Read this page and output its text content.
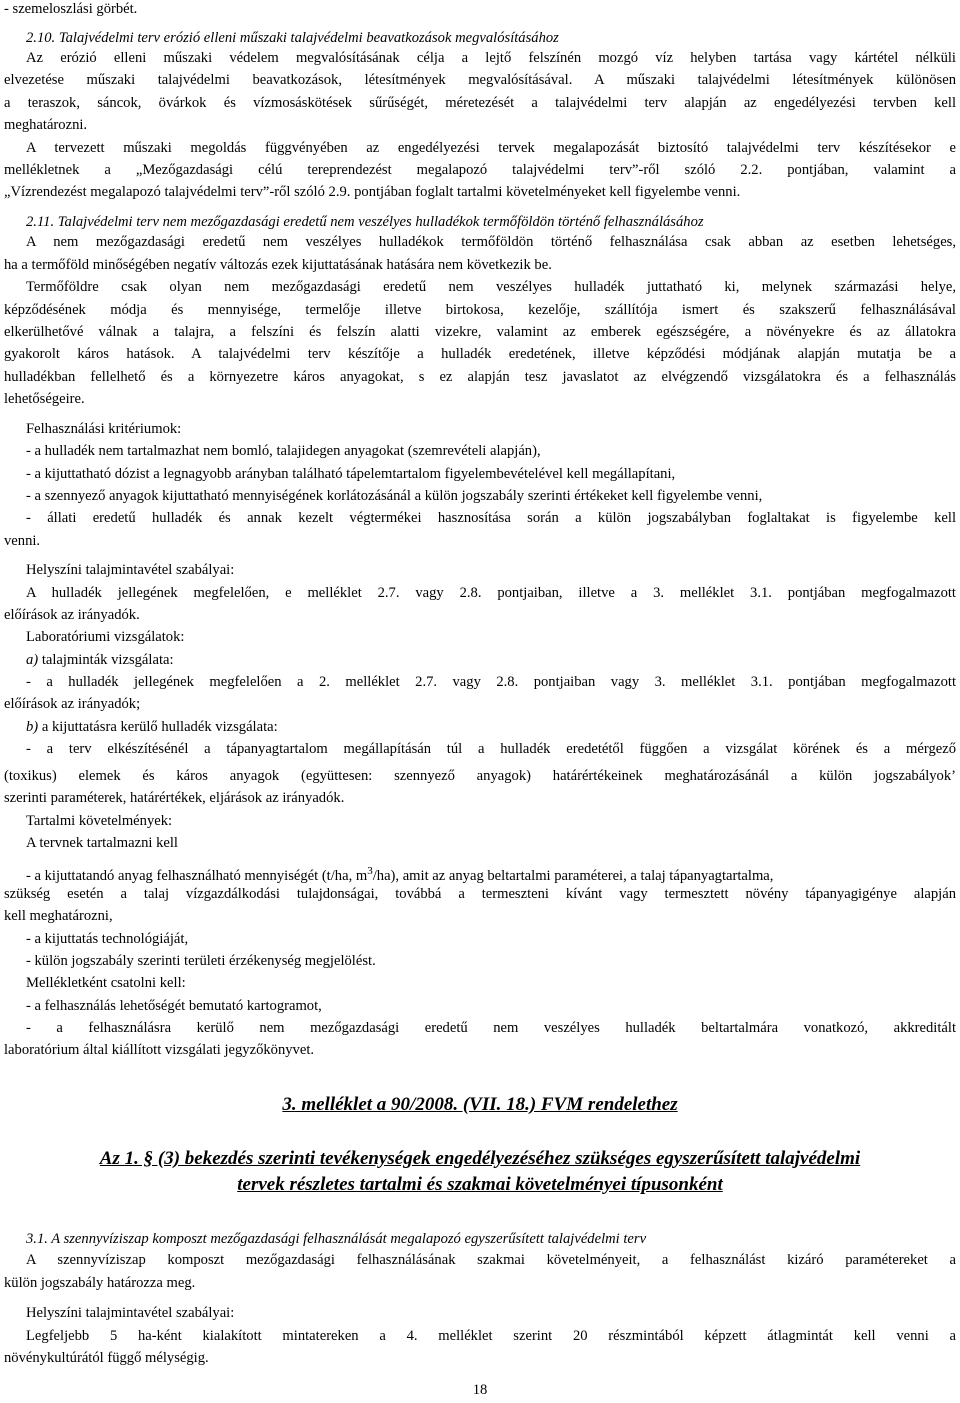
- szemeloszlási görbét.
2.10. Talajvédelmi terv erózió elleni műszaki talajvédelmi beavatkozások megvalósításához
Az erózió elleni műszaki védelem megvalósításának célja a lejtő felszínén mozgó víz helyben tartása vagy kártétel nélküli
elvezetése műszaki talajvédelmi beavatkozások, létesítmények megvalósításával. A műszaki talajvédelmi létesítmények különösen
a teraszok, sáncok, övárkok és vízmosáskötések sűrűségét, méretezését a talajvédelmi terv alapján az engedélyezési tervben kell
meghatározni.
A tervezett műszaki megoldás függvényében az engedélyezési tervek megalapozását biztosító talajvédelmi terv készítésekor e
mellékletnek a „Mezőgazdasági célú tereprendezést megalapozó talajvédelmi terv”-ről szóló 2.2. pontjában, valamint a
„Vízrendezést megalapozó talajvédelmi terv”-ről szóló 2.9. pontjában foglalt tartalmi követelményeket kell figyelembe venni.
2.11. Talajvédelmi terv nem mezőgazdasági eredetű nem veszélyes hulladékok termőföldön történő felhasználásához
A nem mezőgazdasági eredetű nem veszélyes hulladékok termőföldön történő felhasználása csak abban az esetben lehetséges,
ha a termőföld minőségében negatív változás ezek kijuttatásának hatására nem következik be.
Termőföldre csak olyan nem mezőgazdasági eredetű nem veszélyes hulladék juttatható ki, melynek származási helye,
képződésének módja és mennyisége, termelője illetve birtokosa, kezelője, szállítója ismert és szakszerű felhasználásával
elkerülhetővé válnak a talajra, a felszíni és felszín alatti vizekre, valamint az emberek egészségére, a növényekre és az állatokra
gyakorolt káros hatások. A talajvédelmi terv készítője a hulladék eredetének, illetve képződési módjának alapján mutatja be a
hulladékban fellelhető és a környezetre káros anyagokat, s ez alapján tesz javaslatot az elvégzendő vizsgálatokra és a felhasználás
lehetőségeire.
Felhasználási kritériumok:
- a hulladék nem tartalmazhat nem bomló, talajidegen anyagokat (szemrevételi alapján),
- a kijuttatható dózist a legnagyobb arányban található tápelemtartalom figyelembevételével kell megállapítani,
- a szennyező anyagok kijuttatható mennyiségének korlátozásánál a külön jogszabály szerinti értékeket kell figyelembe venni,
- állati eredetű hulladék és annak kezelt végtermékei hasznosítása során a külön jogszabályban foglaltakat is figyelembe kell
venni.
Helyszíni talajmintavétel szabályai:
A hulladék jellegének megfelelően, e melléklet 2.7. vagy 2.8. pontjaiban, illetve a 3. melléklet 3.1. pontjában megfogalmazott
előírások az irányadók.
Laboratóriumi vizsgálatok:
a) talajminták vizsgálata:
- a hulladék jellegének megfelelően a 2. melléklet 2.7. vagy 2.8. pontjaiban vagy 3. melléklet 3.1. pontjában megfogalmazott
előírások az irányadók;
b) a kijuttatásra kerülő hulladék vizsgálata:
- a terv elkészítésénél a tápanyagtartalom megállapításán túl a hulladék eredetétől függően a vizsgálat körének és a mérgező
(toxikus) elemek és káros anyagok (együttesen: szennyező anyagok) határértékeinek meghatározásánál a külön jogszabályok’
szerinti paraméterek, határértékek, eljárások az irányadók.
Tartalmi követelmények:
A tervnek tartalmazni kell
- a kijuttatandó anyag felhasználható mennyiségét (t/ha, $m^3/ha$), amit az anyag beltartalmi paraméterei, a talaj tápanyagtartalma,
szükség esetén a talaj vízgazdálkodási tulajdonságai, továbbá a termeszteni kívánt vagy termesztett növény tápanyagigénye alapján
kell meghatározni,
- a kijuttatás technológiáját,
- külön jogszabály szerinti területi érzékenység megjelölést.
Mellékletként csatolni kell:
- a felhasználás lehetőségét bemutató kartogramot,
- a felhasználásra kerülő nem mezőgazdasági eredetű nem veszélyes hulladék beltartalmára vonatkozó, akkreditált
laboratórium által kiállított vizsgálati jegyzőkönyvet.
3. melléklet a 90/2008. (VII. 18.) FVM rendelethez
Az 1. § (3) bekezdés szerinti tevékenységek engedélyezéséhez szükséges egyszerűsített talajvédelmi
tervek részletes tartalmi és szakmai követelményei típusonként
3.1. A szennyvíziszap komposzt mezőgazdasági felhasználását megalapozó egyszerűsített talajvédelmi terv
A szennyvíziszap komposzt mezőgazdasági felhasználásának szakmai követelményeit, a felhasználást kizáró paramétereket a
külön jogszabály határozza meg.
Helyszíni talajmintavétel szabályai:
Legfeljebb 5 ha-ként kialakított mintatereken a 4. melléklet szerint 20 részmintából képzett átlagmintát kell venni a
növénykultúrától függő mélységig.
18
